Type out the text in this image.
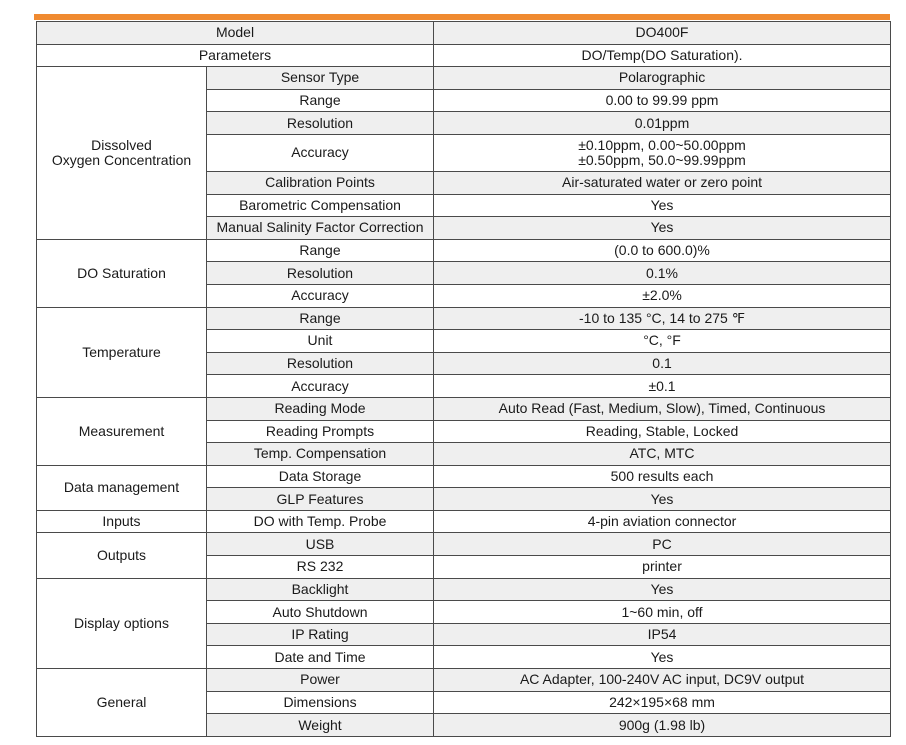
Model		DO400F
Parameters		DO/Temp(DO Saturation).
Dissolved
Oxygen Concentration	Sensor Type	Polarographic

	Range	0.00 to 99.99 ppm

	Resolution	0.01ppm

	Accuracy	±0.10ppm, 0.00~50.00ppm
±0.50ppm, 50.0~99.99ppm

	Calibration Points	Air-saturated water or zero point

	Barometric Compensation	Yes

	Manual Salinity Factor Correction	Yes

DO Saturation	Range	(0.0 to 600.0)%

	Resolution	0.1%

	Accuracy	±2.0%

Temperature	Range	-10 to 135 °C, 14 to 275 ℉

	Unit	°C, °F

	Resolution	0.1

	Accuracy	±0.1

Measurement	Reading Mode	Auto Read (Fast, Medium, Slow), Timed, Continuous

	Reading Prompts	Reading, Stable, Locked

	Temp. Compensation	ATC, MTC

Data management	Data Storage	500 results each

	GLP Features	Yes

Inputs	DO with Temp. Probe	4-pin aviation connector

Outputs	USB	PC

	RS 232	printer

Display options	Backlight	Yes

	Auto Shutdown	1~60 min, off

	IP Rating	IP54

	Date and Time	Yes

General	Power	AC Adapter, 100-240V AC input, DC9V output

	Dimensions	242×195×68 mm

	Weight	900g (1.98 lb)
